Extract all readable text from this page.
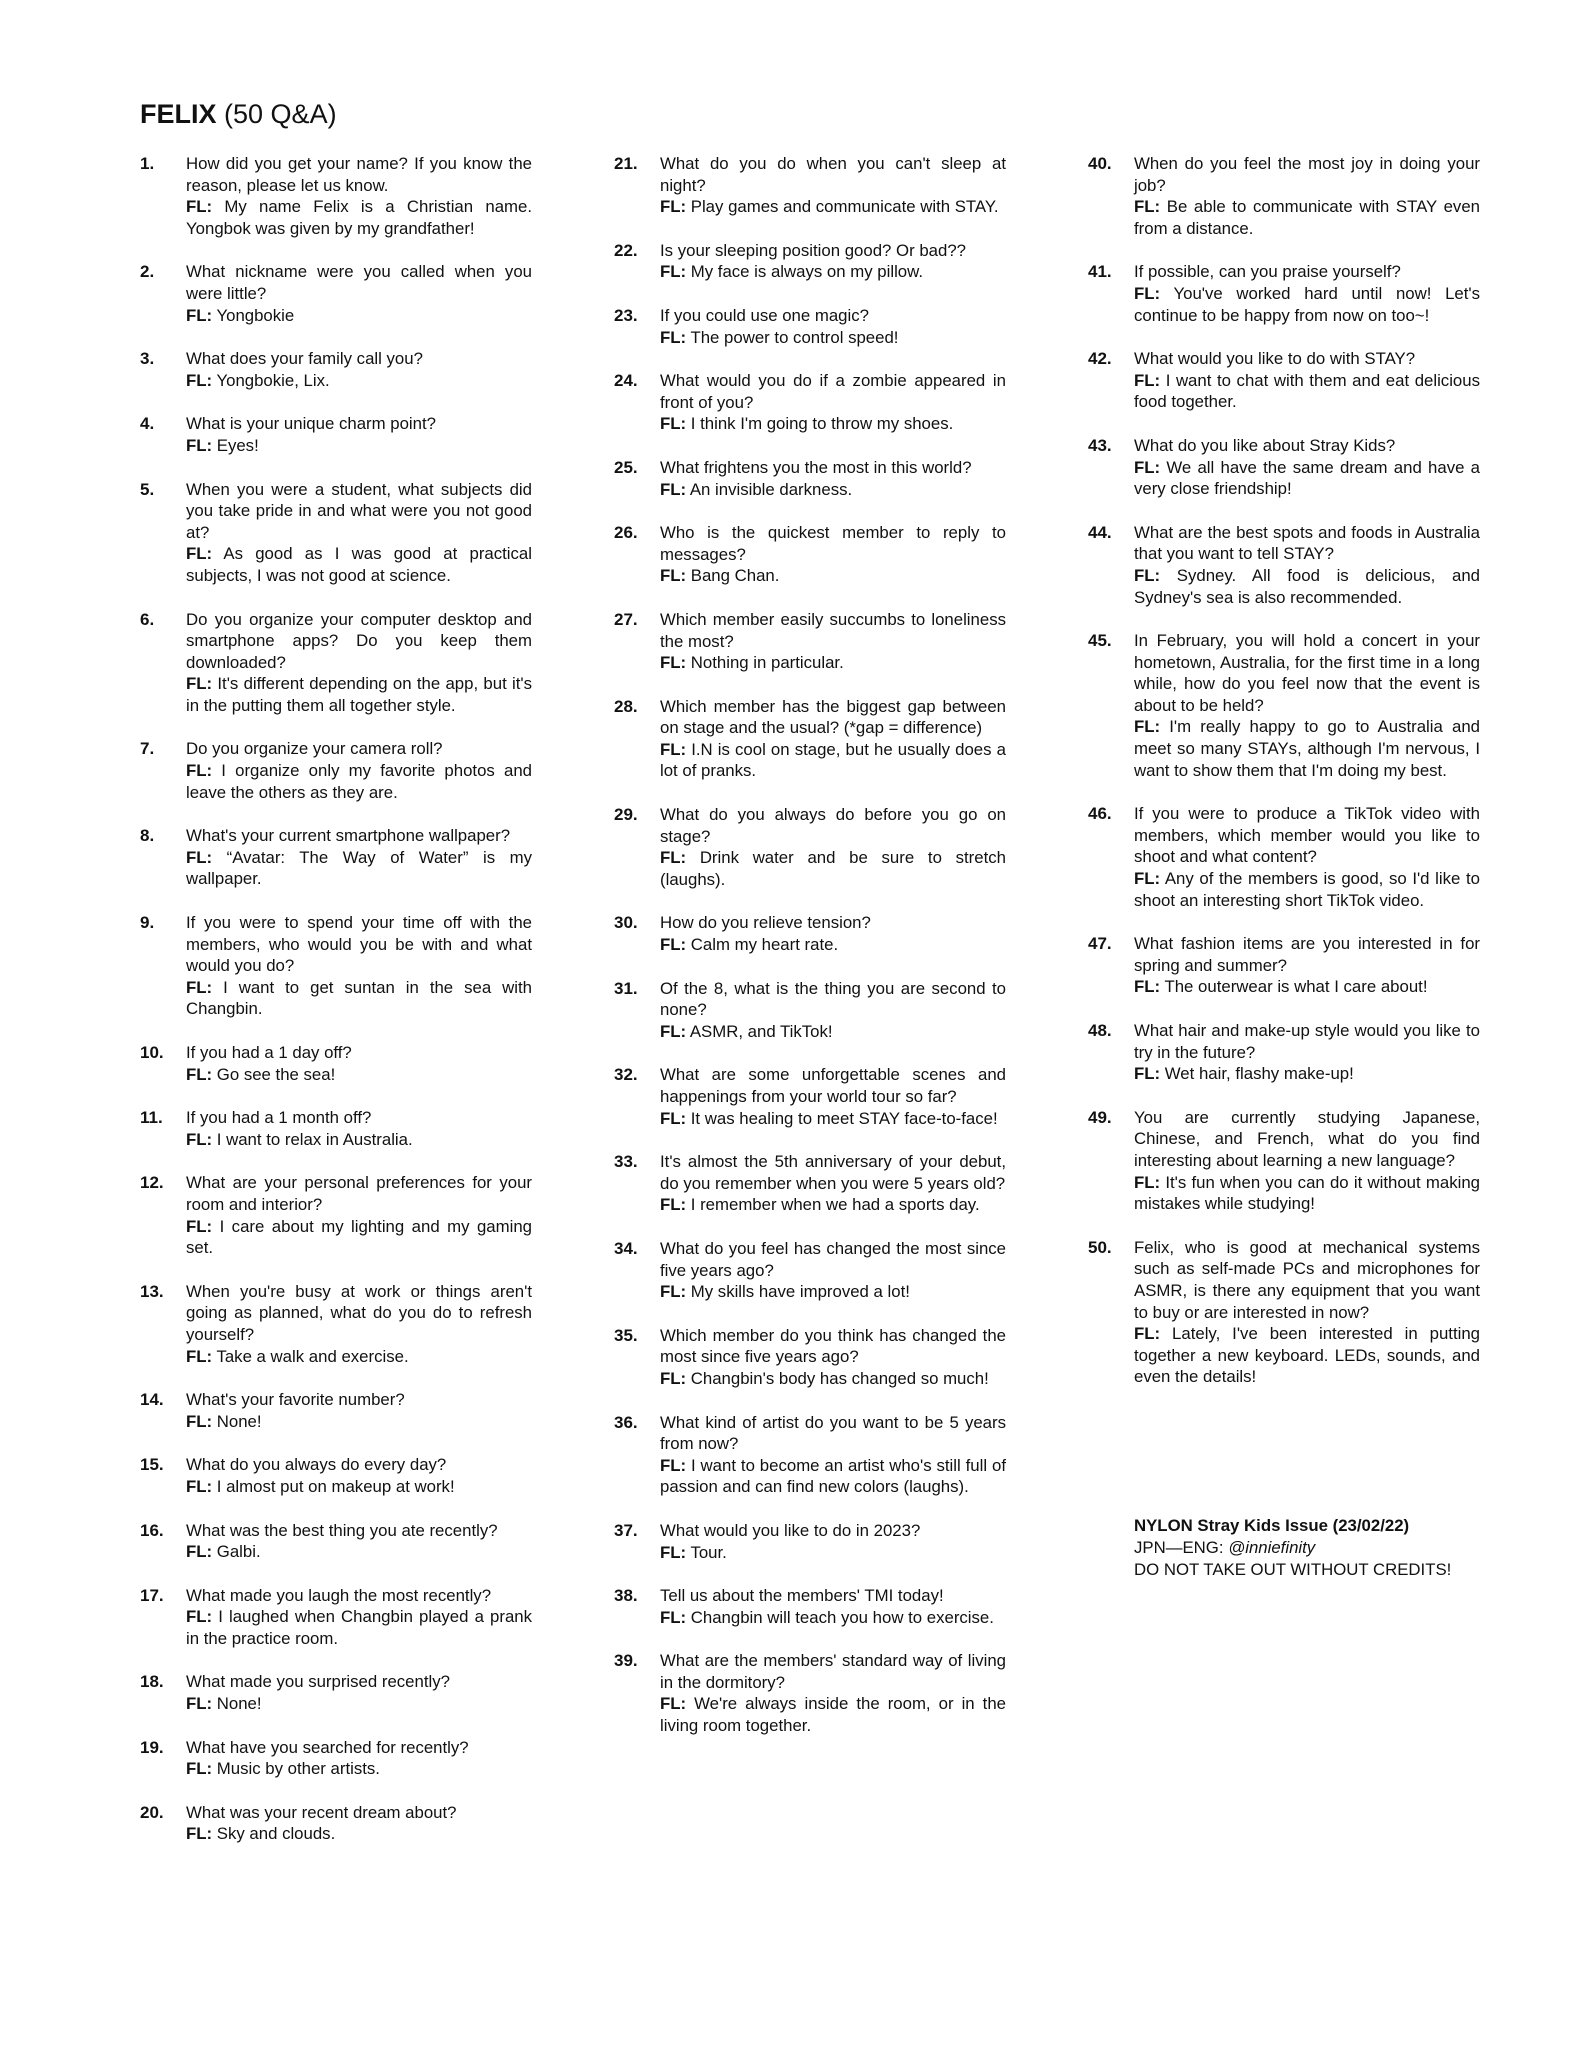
FELIX (50 Q&A)
1. How did you get your name? If you know the reason, please let us know.

FL: My name Felix is a Christian name. Yongbok was given by my grandfather!

2. What nickname were you called when you were little?

FL: Yongbokie

3. What does your family call you?

FL: Yongbokie, Lix.

4. What is your unique charm point?

FL: Eyes!

5. When you were a student, what subjects did you take pride in and what were you not good at?

FL: As good as I was good at practical subjects, I was not good at science.

6. Do you organize your computer desktop and smartphone apps? Do you keep them downloaded?

FL: It's different depending on the app, but it's in the putting them all together style.

7. Do you organize your camera roll?

FL: I organize only my favorite photos and leave the others as they are.

8. What's your current smartphone wallpaper?

FL: “Avatar: The Way of Water” is my wallpaper.

9. If you were to spend your time off with the members, who would you be with and what would you do?

FL: I want to get suntan in the sea with Changbin.

10. If you had a 1 day off?

FL: Go see the sea!

11. If you had a 1 month off?

FL: I want to relax in Australia.

12. What are your personal preferences for your room and interior?

FL: I care about my lighting and my gaming set.

13. When you're busy at work or things aren't going as planned, what do you do to refresh yourself?

FL: Take a walk and exercise.

14. What's your favorite number?

FL: None!

15. What do you always do every day?

FL: I almost put on makeup at work!

16. What was the best thing you ate recently?

FL: Galbi.

17. What made you laugh the most recently?

FL: I laughed when Changbin played a prank in the practice room.

18. What made you surprised recently?

FL: None!

19. What have you searched for recently?

FL: Music by other artists.

20. What was your recent dream about?

FL: Sky and clouds.

21. What do you do when you can't sleep at night?

FL: Play games and communicate with STAY.

22. Is your sleeping position good? Or bad??

FL: My face is always on my pillow.

23. If you could use one magic?

FL: The power to control speed!

24. What would you do if a zombie appeared in front of you?

FL: I think I'm going to throw my shoes.

25. What frightens you the most in this world?

FL: An invisible darkness.

26. Who is the quickest member to reply to messages?

FL: Bang Chan.

27. Which member easily succumbs to loneliness the most?

FL: Nothing in particular.

28. Which member has the biggest gap between on stage and the usual? (*gap = difference)

FL: I.N is cool on stage, but he usually does a lot of pranks.

29. What do you always do before you go on stage?

FL: Drink water and be sure to stretch (laughs).

30. How do you relieve tension?

FL: Calm my heart rate.

31. Of the 8, what is the thing you are second to none?

FL: ASMR, and TikTok!

32. What are some unforgettable scenes and happenings from your world tour so far?

FL: It was healing to meet STAY face-to-face!

33. It's almost the 5th anniversary of your debut, do you remember when you were 5 years old?

FL: I remember when we had a sports day.

34. What do you feel has changed the most since five years ago?

FL: My skills have improved a lot!

35. Which member do you think has changed the most since five years ago?

FL: Changbin's body has changed so much!

36. What kind of artist do you want to be 5 years from now?

FL: I want to become an artist who's still full of passion and can find new colors (laughs).

37. What would you like to do in 2023?

FL: Tour.

38. Tell us about the members' TMI today!

FL: Changbin will teach you how to exercise.

39. What are the members' standard way of living in the dormitory?

FL: We're always inside the room, or in the living room together.

40. When do you feel the most joy in doing your job?

FL: Be able to communicate with STAY even from a distance.

41. If possible, can you praise yourself?

FL: You've worked hard until now! Let's continue to be happy from now on too~!

42. What would you like to do with STAY?

FL: I want to chat with them and eat delicious food together.

43. What do you like about Stray Kids?

FL: We all have the same dream and have a very close friendship!

44. What are the best spots and foods in Australia that you want to tell STAY?

FL: Sydney. All food is delicious, and Sydney's sea is also recommended.

45. In February, you will hold a concert in your hometown, Australia, for the first time in a long while, how do you feel now that the event is about to be held?

FL: I'm really happy to go to Australia and meet so many STAYs, although I'm nervous, I want to show them that I'm doing my best.

46. If you were to produce a TikTok video with members, which member would you like to shoot and what content?

FL: Any of the members is good, so I'd like to shoot an interesting short TikTok video.

47. What fashion items are you interested in for spring and summer?

FL: The outerwear is what I care about!

48. What hair and make-up style would you like to try in the future?

FL: Wet hair, flashy make-up!

49. You are currently studying Japanese, Chinese, and French, what do you find interesting about learning a new language?

FL: It's fun when you can do it without making mistakes while studying!

50. Felix, who is good at mechanical systems such as self-made PCs and microphones for ASMR, is there any equipment that you want to buy or are interested in now?

FL: Lately, I've been interested in putting together a new keyboard. LEDs, sounds, and even the details!

NYLON Stray Kids Issue (23/02/22)

JPN—ENG: @inniefinity

DO NOT TAKE OUT WITHOUT CREDITS!
